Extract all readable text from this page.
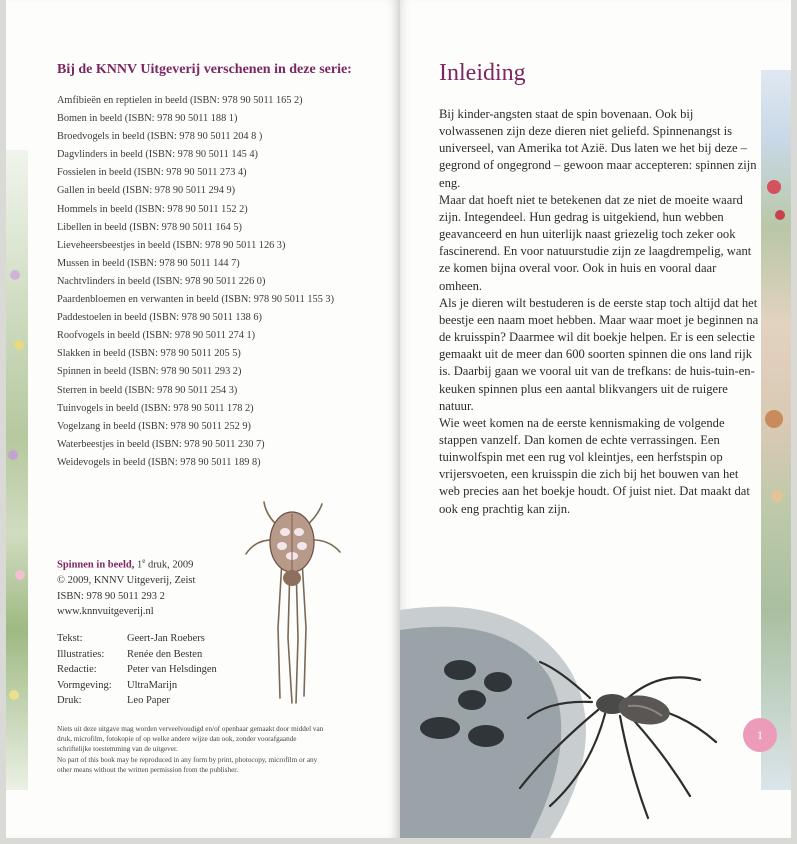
Bij de KNNV Uitgeverij verschenen in deze serie:
Amfibieën en reptielen in beeld (ISBN: 978 90 5011 165 2)
Bomen in beeld (ISBN: 978 90 5011 188 1)
Broedvogels in beeld (ISBN: 978 90 5011 204 8 )
Dagvlinders in beeld (ISBN: 978 90 5011 145 4)
Fossielen in beeld (ISBN: 978 90 5011 273 4)
Gallen in beeld (ISBN: 978 90 5011 294 9)
Hommels in beeld (ISBN: 978 90 5011 152 2)
Libellen in beeld (ISBN: 978 90 5011 164 5)
Lieveheersbeestjes in beeld (ISBN: 978 90 5011 126 3)
Mussen in beeld (ISBN: 978 90 5011 144 7)
Nachtvlinders in beeld (ISBN: 978 90 5011 226 0)
Paardenbloemen en verwanten in beeld (ISBN: 978 90 5011 155 3)
Paddestoelen in beeld (ISBN: 978 90 5011 138 6)
Roofvogels in beeld (ISBN: 978 90 5011 274 1)
Slakken in beeld (ISBN: 978 90 5011 205 5)
Spinnen in beeld (ISBN: 978 90 5011 293 2)
Sterren in beeld (ISBN: 978 90 5011 254 3)
Tuinvogels in beeld (ISBN: 978 90 5011 178 2)
Vogelzang in beeld (ISBN: 978 90 5011 252 9)
Waterbeestjes in beeld (ISBN: 978 90 5011 230 7)
Weidevogels in beeld (ISBN: 978 90 5011 189 8)
Spinnen in beeld, 1e druk, 2009
© 2009, KNNV Uitgeverij, Zeist
ISBN: 978 90 5011 293 2
www.knnvuitgeverij.nl
Tekst:	Geert-Jan Roebers
Illustraties:	Renée den Besten
Redactie:	Peter van Helsdingen
Vormgeving:	UltraMarijn
Druk:	Leo Paper

Niets uit deze uitgave mag worden verveelvoudigd en/of openbaar gemaakt door middel van druk, microfilm, fotokopie of op welke andere wijze dan ook, zonder voorafgaande schriftelijke toestemming van de uitgever.

No part of this book may be reproduced in any form by print, photocopy, microfilm or any other means without the written permission from the publisher.

Inleiding

Bij kinder-angsten staat de spin bovenaan. Ook bij volwassenen zijn deze dieren niet geliefd. Spinnenangst is universeel, van Amerika tot Azië. Dus laten we het bij deze – gegrond of ongegrond – gewoon maar accepteren: spinnen zijn eng.

Maar dat hoeft niet te betekenen dat ze niet de moeite waard zijn. Integendeel. Hun gedrag is uitgekiend, hun webben geavanceerd en hun uiterlijk naast griezelig toch zeker ook fascinerend. En voor natuurstudie zijn ze laagdrempelig, want ze komen bijna overal voor. Ook in huis en vooral daar omheen.

Als je dieren wilt bestuderen is de eerste stap toch altijd dat het beestje een naam moet hebben. Maar waar moet je beginnen na de kruisspin? Daarmee wil dit boekje helpen. Er is een selectie gemaakt uit de meer dan 600 soorten spinnen die ons land rijk is. Daarbij gaan we vooral uit van de trefkans: de huis-tuin-en-keuken spinnen plus een aantal blikvangers uit de ruigere natuur.

Wie weet komen na de eerste kennismaking de volgende stappen vanzelf. Dan komen de echte verrassingen. Een tuinwolfspin met een rug vol kleintjes, een herfstspin op vrijersvoeten, een kruisspin die zich bij het bouwen van het web precies aan het boekje houdt. Of juist niet. Dat maakt dat ook eng prachtig kan zijn.

1
